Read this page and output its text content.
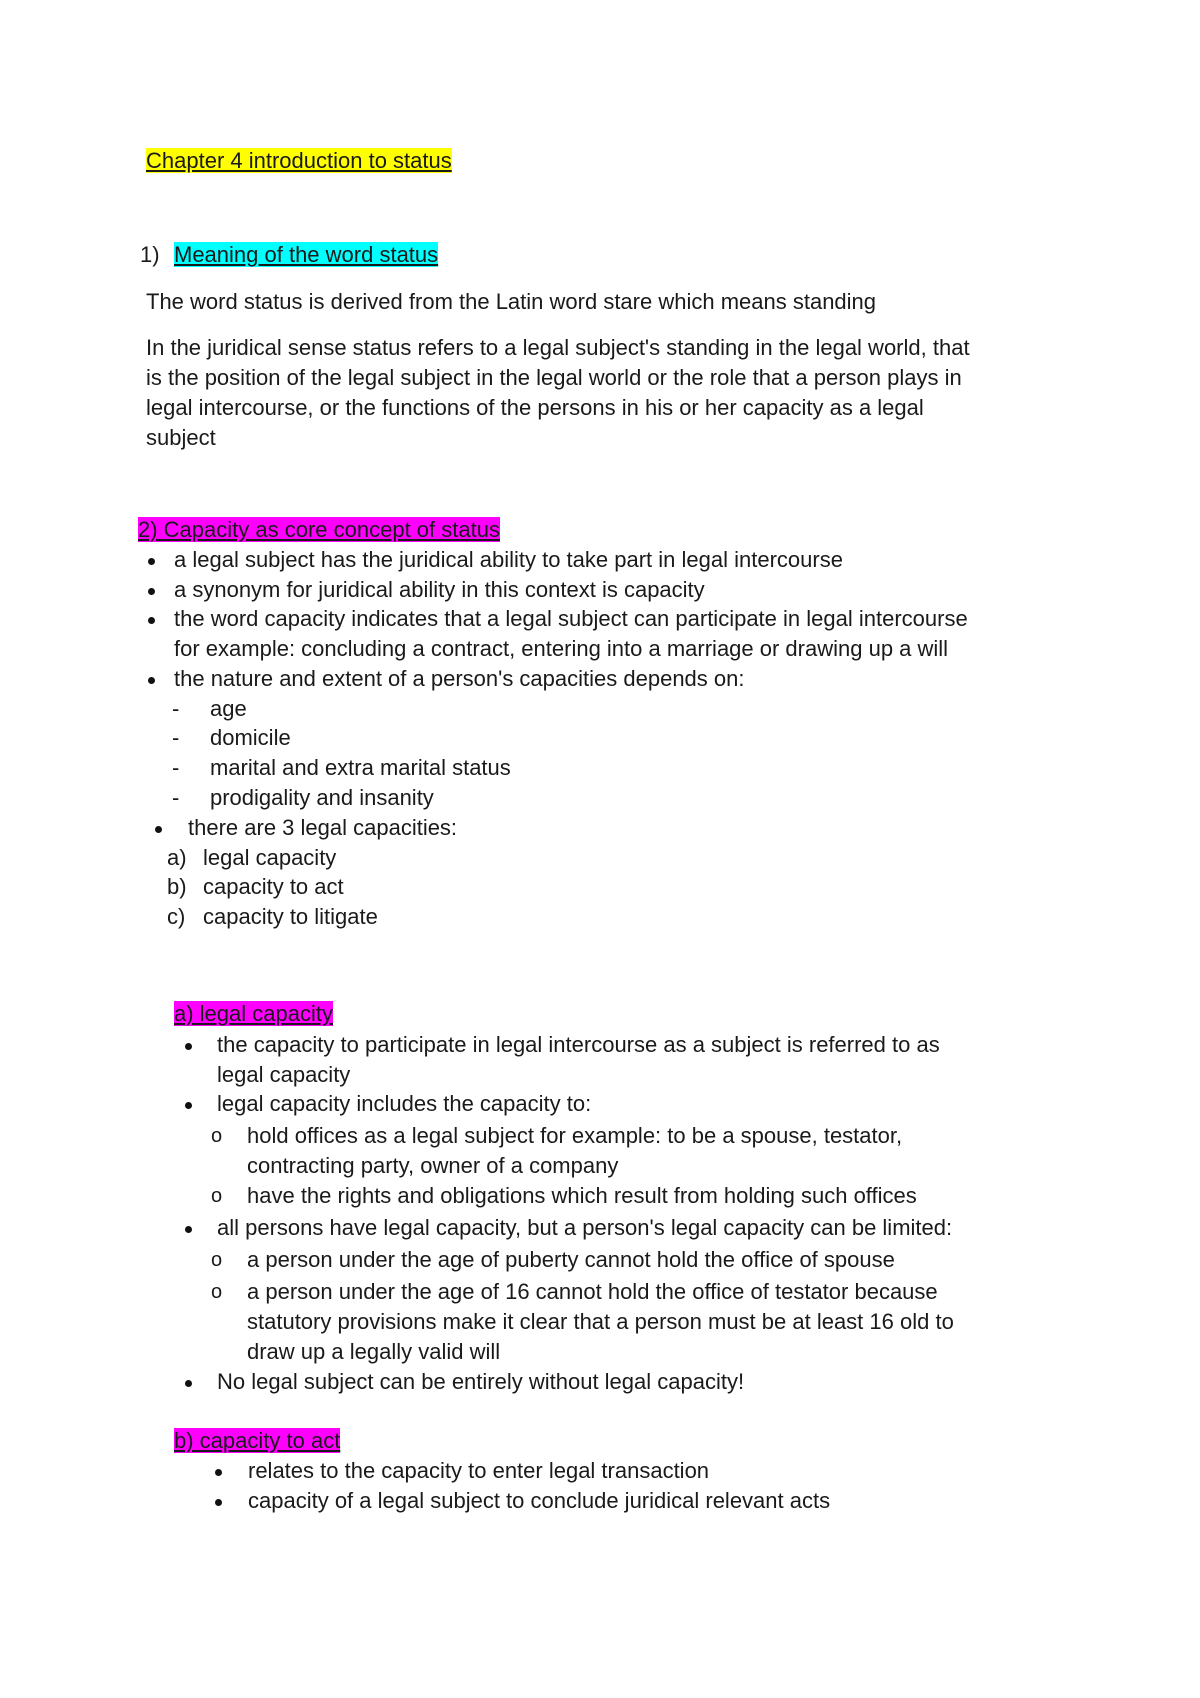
Chapter 4 introduction to status
1) Meaning of the word status
The word status is derived from the Latin word stare which means standing
In the juridical sense status refers to a legal subject's standing in the legal world, that
is the position of the legal subject in the legal world or the role that a person plays in
legal intercourse, or the functions of the persons in his or her capacity as a legal
subject
2) Capacity as core concept of status
a legal subject has the juridical ability to take part in legal intercourse
a synonym for juridical ability in this context is capacity
the word capacity indicates that a legal subject can participate in legal intercourse
for example: concluding a contract, entering into a marriage or drawing up a will
the nature and extent of a person's capacities depends on:
- age
- domicile
- marital and extra marital status
- prodigality and insanity
there are 3 legal capacities:
a) legal capacity
b) capacity to act
c) capacity to litigate
a) legal capacity
the capacity to participate in legal intercourse as a subject is referred to as
legal capacity
legal capacity includes the capacity to:
o hold offices as a legal subject for example: to be a spouse, testator,
contracting party, owner of a company
o have the rights and obligations which result from holding such offices
all persons have legal capacity, but a person's legal capacity can be limited:
o a person under the age of puberty cannot hold the office of spouse
o a person under the age of 16 cannot hold the office of testator because
statutory provisions make it clear that a person must be at least 16 old to
draw up a legally valid will
No legal subject can be entirely without legal capacity!
b) capacity to act
relates to the capacity to enter legal transaction
capacity of a legal subject to conclude juridical relevant acts
